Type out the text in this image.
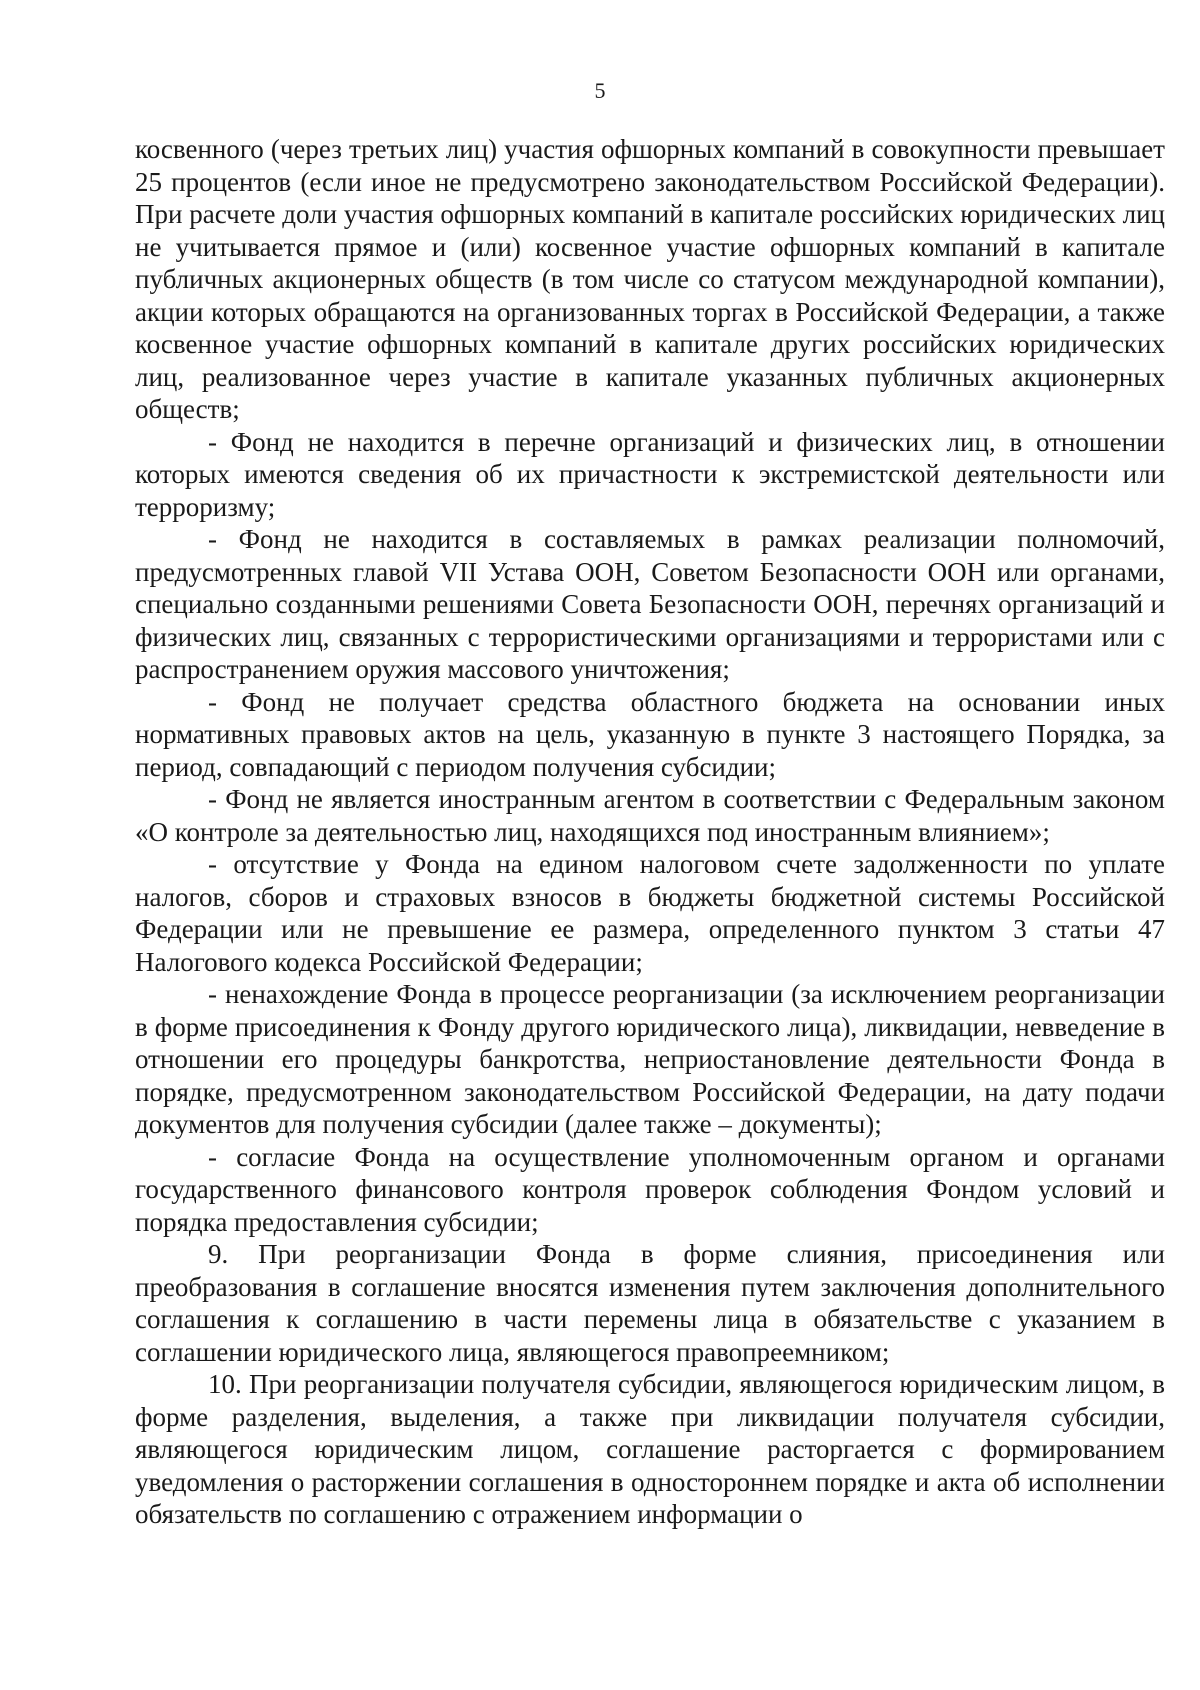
5

косвенного (через третьих лиц) участия офшорных компаний в совокупности превышает 25 процентов (если иное не предусмотрено законодательством Российской Федерации). При расчете доли участия офшорных компаний в капитале российских юридических лиц не учитывается прямое и (или) косвенное участие офшорных компаний в капитале публичных акционерных обществ (в том числе со статусом международной компании), акции которых обращаются на организованных торгах в Российской Федерации, а также косвенное участие офшорных компаний в капитале других российских юридических лиц, реализованное через участие в капитале указанных публичных акционерных обществ;

- Фонд не находится в перечне организаций и физических лиц, в отношении которых имеются сведения об их причастности к экстремистской деятельности или терроризму;

- Фонд не находится в составляемых в рамках реализации полномочий, предусмотренных главой VII Устава ООН, Советом Безопасности ООН или органами, специально созданными решениями Совета Безопасности ООН, перечнях организаций и физических лиц, связанных с террористическими организациями и террористами или с распространением оружия массового уничтожения;

- Фонд не получает средства областного бюджета на основании иных нормативных правовых актов на цель, указанную в пункте 3 настоящего Порядка, за период, совпадающий с периодом получения субсидии;

- Фонд не является иностранным агентом в соответствии с Федеральным законом «О контроле за деятельностью лиц, находящихся под иностранным влиянием»;

- отсутствие у Фонда на едином налоговом счете задолженности по уплате налогов, сборов и страховых взносов в бюджеты бюджетной системы Российской Федерации или не превышение ее размера, определенного пунктом 3 статьи 47 Налогового кодекса Российской Федерации;

- ненахождение Фонда в процессе реорганизации (за исключением реорганизации в форме присоединения к Фонду другого юридического лица), ликвидации, невведение в отношении его процедуры банкротства, неприостановление деятельности Фонда в порядке, предусмотренном законодательством Российской Федерации, на дату подачи документов для получения субсидии (далее также – документы);

- согласие Фонда на осуществление уполномоченным органом и органами государственного финансового контроля проверок соблюдения Фондом условий и порядка предоставления субсидии;

9. При реорганизации Фонда в форме слияния, присоединения или преобразования в соглашение вносятся изменения путем заключения дополнительного соглашения к соглашению в части перемены лица в обязательстве с указанием в соглашении юридического лица, являющегося правопреемником;

10. При реорганизации получателя субсидии, являющегося юридическим лицом, в форме разделения, выделения, а также при ликвидации получателя субсидии, являющегося юридическим лицом, соглашение расторгается с формированием уведомления о расторжении соглашения в одностороннем порядке и акта об исполнении обязательств по соглашению с отражением информации о
